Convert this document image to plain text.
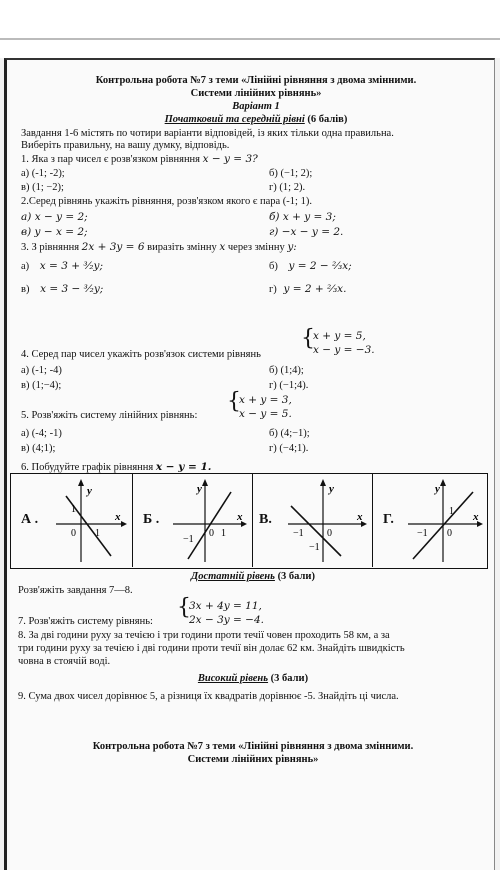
Контрольна робота №7 з теми «Лінійні рівняння з двома змінними.
Системи лінійних рівнянь»
Варіант 1
Початковий та середній рівні (6 балів)
Завдання 1-6 містять по чотири варіанти відповідей, із яких тільки одна правильна.
Виберіть правильну, на вашу думку, відповідь.
1. Яка з пар чисел є розв'язком рівняння x − y = 3?
а) (-1; -2);	б) (−1; 2);
в) (1; −2);	г) (1; 2).
2.Серед рівнянь укажіть рівняння, розв'язком якого є пара (-1; 1).
а) x − y = 2;	б) x + y = 3;
в) y − x = 2;	г) −x − y = 2.
3. З рівняння 2x + 3y = 6 виразіть змінну x через змінну y:
а) x = 3 + ³⁄₂y;	б) y = 2 − ²⁄₃x;
в) x = 3 − ³⁄₂y;	г) y = 2 + ²⁄₃x.
4. Серед пар чисел укажіть розв'язок системи рівнянь
{
x + y = 5,
x − y = −3.
а) (-1; -4)	б) (1;4);
в) (1;−4);	г) (−1;4).
5. Розв'яжіть систему лінійних рівнянь:
{
x + y = 3,
x − y = 5.
а) (-4; -1)	б) (4;−1);
в) (4;1);	г) (−4;1).
6. Побудуйте графік рівняння x − y = 1.
А .
y
x
1
0 1
Б .
y
x
1
0
−1
В.
y
x
−1 0
−1
Г.
y
x
1
−1 0
Достатній рівень (3 бали)
Розв'яжіть завдання 7—8.
7. Розв'яжіть систему рівнянь:
{
3x + 4y = 11,
2x − 3y = −4.
8. За дві години руху за течією і три години проти течії човен проходить 58 км, а за
три години руху за течією і дві години проти течії він долає 62 км. Знайдіть швидкість
човна в стоячій воді.
Високий рівень (3 бали)
9. Сума двох чисел дорівнює 5, а різниця їх квадратів дорівнює -5. Знайдіть ці числа.
Контрольна робота №7 з теми «Лінійні рівняння з двома змінними.
Системи лінійних рівнянь»
